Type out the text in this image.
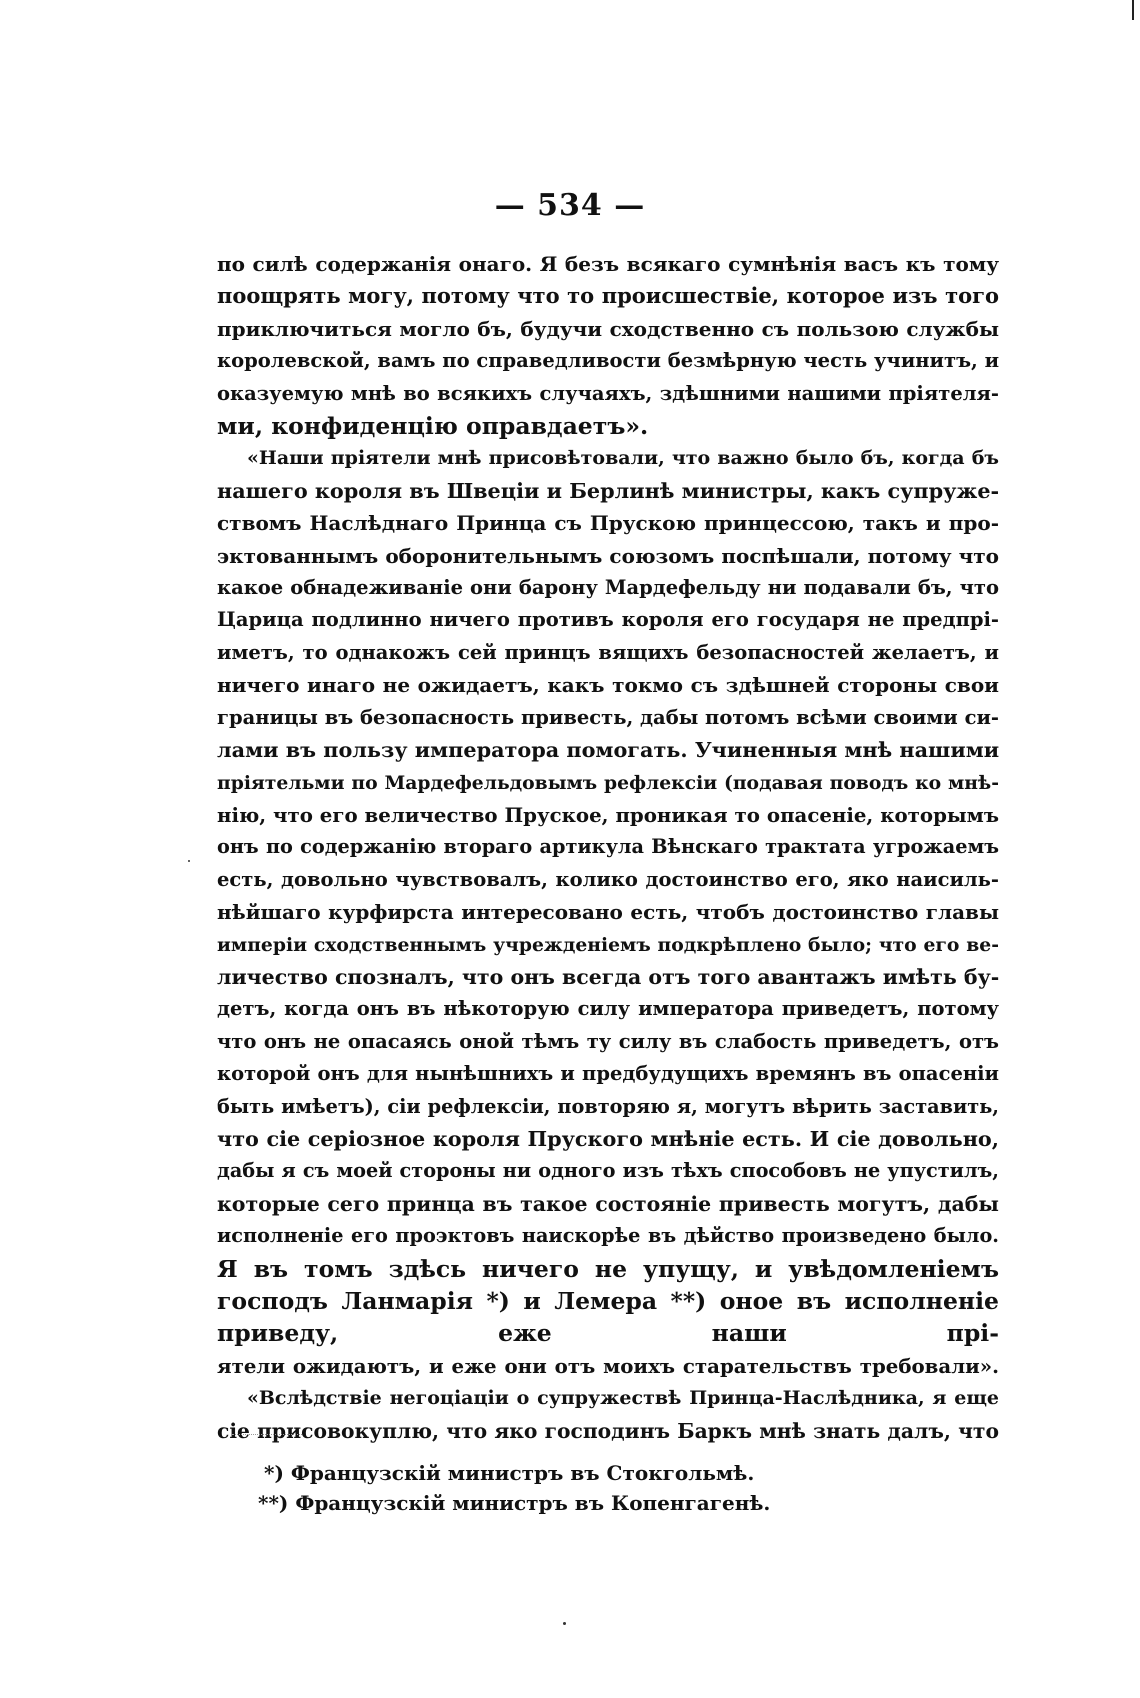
— 534 —
по силѣ содержанія онаго. Я безъ всякаго сумнѣнія васъ къ тому
поощрять могу, потому что то происшествіе, которое изъ того
приключиться могло бъ, будучи сходственно съ пользою службы
королевской, вамъ по справедливости безмѣрную честь учинитъ, и
оказуемую мнѣ во всякихъ случаяхъ, здѣшними нашими пріятеля-
ми, конфиденцію оправдаетъ».
«Наши пріятели мнѣ присовѣтовали, что важно было бъ, когда бъ
нашего короля въ Швеціи и Берлинѣ министры, какъ супруже-
ствомъ Наслѣднаго Принца съ Пруcкою принцессою, такъ и про-
эктованнымъ оборонительнымъ союзомъ поспѣшали, потому что
какое обнадеживаніе они барону Мардефельду ни подавали бъ, что
Царица подлинно ничего противъ короля его государя не предпрі-
иметъ, то однакожъ сей принцъ вящихъ безопасностей желаетъ, и
ничего инаго не ожидаетъ, какъ токмо съ здѣшней стороны свои
границы въ безопасность привесть, дабы потомъ всѣми своими си-
лами въ пользу императора помогать. Учиненныя мнѣ нашими
пріятельми по Мардефельдовымъ рефлексіи (подавая поводъ ко мнѣ-
нію, что его величество Пруское, проникая то опасеніе, которымъ
онъ по содержанію втораго артикула Вѣнскаго трактата угрожаемъ
есть, довольно чувствовалъ, колико достоинство его, яко наисиль-
нѣйшаго курфирста интересовано есть, чтобъ достоинство главы
имперіи сходственнымъ учрежденіемъ подкрѣплено было; что его ве-
личество спозналъ, что онъ всегда отъ того авантажъ имѣть бу-
детъ, когда онъ въ нѣкоторую силу императора приведетъ, потому
что онъ не опасаясь оной тѣмъ ту силу въ слабость приведетъ, отъ
которой онъ для нынѣшнихъ и предбудущихъ времянъ въ опасеніи
быть имѣетъ), сіи рефлексіи, повторяю я, могутъ вѣрить заставить,
что сіе серіозное короля Пруского мнѣніе есть. И сіе довольно,
дабы я съ моей стороны ни одного изъ тѣхъ способовъ не упустилъ,
которые сего принца въ такое состояніе привесть могутъ, дабы
исполненіе его проэктовъ наискорѣе въ дѣйство произведено было.
Я въ томъ здѣсь ничего не упущу, и увѣдомленіемъ господъ Ланмарія *) и Лемера **) оное въ исполненіе приведу, еже наши прі-
ятели ожидаютъ, и еже они отъ моихъ старательствъ требовали».
«Вслѣдствіе негоціаціи о супружествѣ Принца-Наслѣдника, я еще
сіе присовокуплю, что яко господинъ Баркъ мнѣ знать далъ, что
*) Французскій министръ въ Стокгольмѣ.
**) Французскій министръ въ Копенгагенѣ.
